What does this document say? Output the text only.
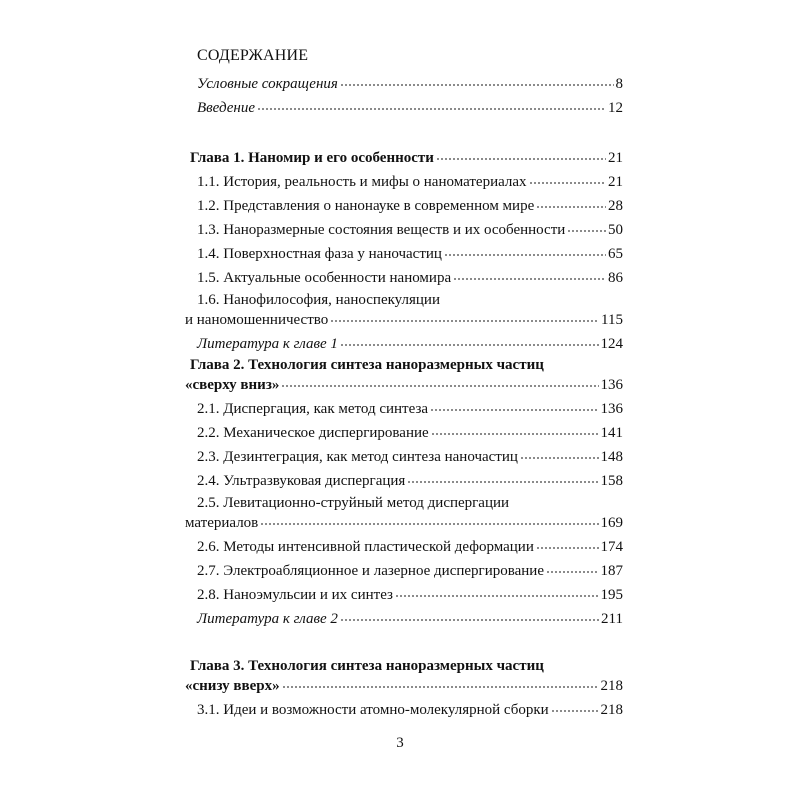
СОДЕРЖАНИЕ
Условные сокращения	8
Введение	12
Глава 1. Наномир и его особенности	21
1.1. История, реальность и мифы о наноматериалах	21
1.2. Представления о нанонауке в современном мире	28
1.3. Наноразмерные состояния веществ и их особенности	50
1.4. Поверхностная фаза у наночастиц	65
1.5. Актуальные особенности наномира	86
1.6. Нанофилософия, наноспекуляции
и наномошенничество	115
Литература к главе 1	124
Глава 2. Технология синтеза наноразмерных частиц
«сверху вниз»	136
2.1. Диспергация, как метод синтеза	136
2.2. Механическое диспергирование	141
2.3. Дезинтеграция, как метод синтеза наночастиц	148
2.4. Ультразвуковая диспергация	158
2.5. Левитационно-струйный метод диспергации
материалов	169
2.6. Методы интенсивной пластической деформации	174
2.7. Электроабляционное и лазерное диспергирование	187
2.8. Наноэмульсии и их синтез	195
Литература к главе 2	211
Глава 3. Технология синтеза наноразмерных частиц
«снизу вверх»	218
3.1. Идеи и возможности атомно-молекулярной сборки	218
3
